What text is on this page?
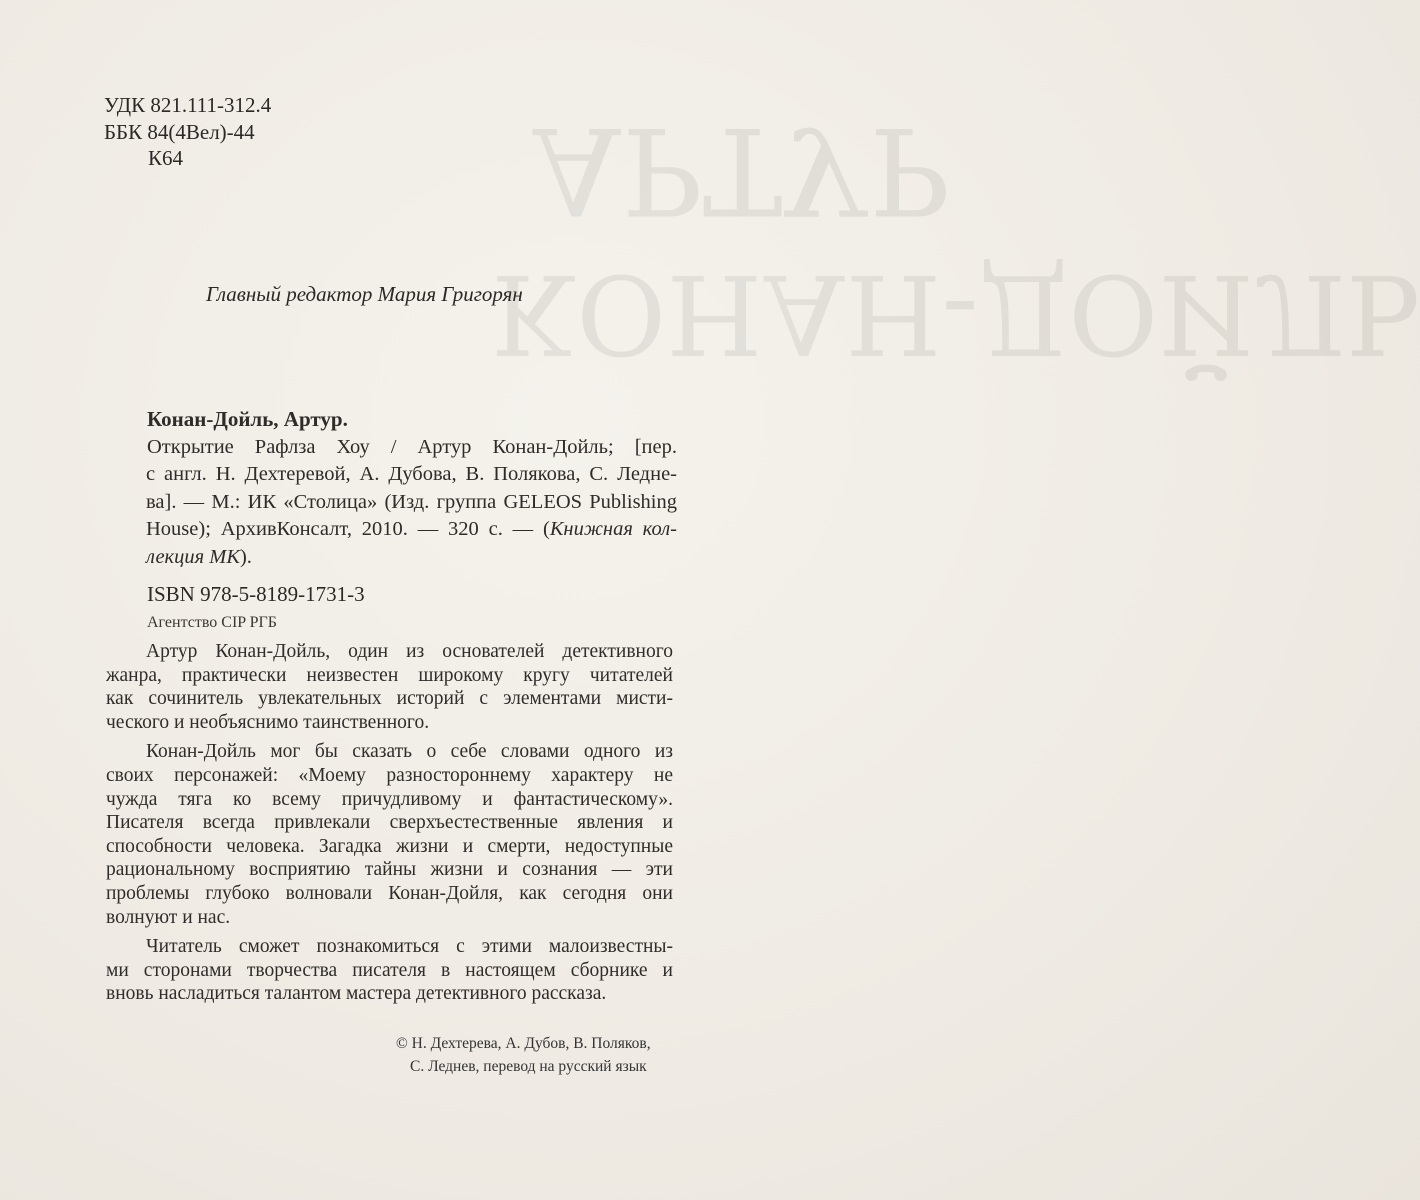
АРТУР
КОНАН-ДОЙЛЬ
УДК 821.111-312.4
ББК 84(4Вел)-44
К64
Главный редактор Мария Григорян
Конан-Дойль, Артур.
Открытие Рафлза Хоу / Артур Конан-Дойль; [пер.
с англ. Н. Дехтеревой, А. Дубова, В. Полякова, С. Ледне-
ва]. — М.: ИК «Столица» (Изд. группа GELEOS Publishing
House); АрхивКонсалт, 2010. — 320 с. — (Книжная кол-
лекция МК).
ISBN 978-5-8189-1731-3
Агентство CIP РГБ
Артур Конан-Дойль, один из основателей детективного
жанра, практически неизвестен широкому кругу читателей
как сочинитель увлекательных историй с элементами мисти-
ческого и необъяснимо таинственного.
Конан-Дойль мог бы сказать о себе словами одного из
своих персонажей: «Моему разностороннему характеру не
чужда тяга ко всему причудливому и фантастическому».
Писателя всегда привлекали сверхъестественные явления и
способности человека. Загадка жизни и смерти, недоступные
рациональному восприятию тайны жизни и сознания — эти
проблемы глубоко волновали Конан-Дойля, как сегодня они
волнуют и нас.
Читатель сможет познакомиться с этими малоизвестны-
ми сторонами творчества писателя в настоящем сборнике и
вновь насладиться талантом мастера детективного рассказа.
© Н. Дехтерева, А. Дубов, В. Поляков,
С. Леднев, перевод на русский язык
